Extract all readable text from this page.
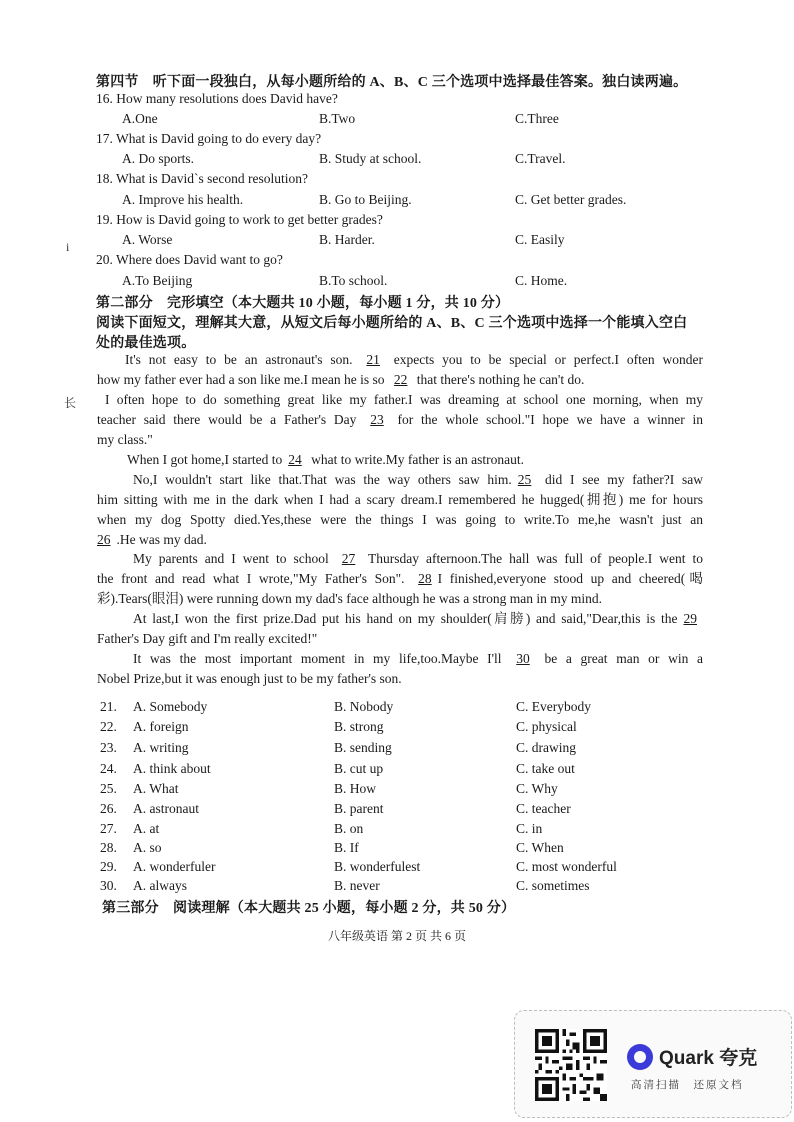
第四节　听下面一段独白，从每小题所给的 A、B、C 三个选项中选择最佳答案。独白读两遍。
16. How many resolutions does David have?
A.One	B.Two	C.Three
17. What is David going to do every day?
A. Do sports.	B. Study at school.	C.Travel.
18. What is David`s second resolution?
A. Improve his health.	B. Go to Beijing.	C. Get better grades.
19. How is David going to work to get better grades?
A. Worse	B. Harder.	C. Easily
20. Where does David want to go?
A.To Beijing	B.To school.	C. Home.
第二部分　完形填空（本大题共 10 小题，每小题 1 分，共 10 分）
阅读下面短文，理解其大意，从短文后每小题所给的 A、B、C 三个选项中选择一个能填入空白
处的最佳选项。
It's not easy to be an astronaut's son. 21 expects you to be special or perfect.I often wonder
how my father ever had a son like me.I mean he is so 22 that there's nothing he can't do.
I often hope to do something great like my father.I was dreaming at school one morning, when my
teacher said there would be a Father's Day 23 for the whole school."I hope we have a winner in
my class."
When I got home,I started to 24 what to write.My father is an astronaut.
No,I wouldn't start like that.That was the way others saw him. 25 did I see my father?I saw
him sitting with me in the dark when I had a scary dream.I remembered he hugged(拥抱) me for hours
when my dog Spotty died.Yes,these were the things I was going to write.To me,he wasn't just an
26 .He was my dad.
My parents and I went to school 27 Thursday afternoon.The hall was full of people.I went to
the front and read what I wrote,"My Father's Son". 28 I finished,everyone stood up and cheered(喝
彩).Tears(眼泪) were running down my dad's face although he was a strong man in my mind.
At last,I won the first prize.Dad put his hand on my shoulder(肩膀) and said,"Dear,this is the 29
Father's Day gift and I'm really excited!"
It was the most important moment in my life,too.Maybe I'll 30 be a great man or win a
Nobel Prize,but it was enough just to be my father's son.
21. A. Somebody	B. Nobody	C. Everybody
22. A. foreign	B. strong	C. physical
23. A. writing	B. sending	C. drawing
24. A. think about	B. cut up	C. take out
25. A. What	B. How	C. Why
26. A. astronaut	B. parent	C. teacher
27. A. at	B. on	C. in
28. A. so	B. If	C. When
29. A. wonderfuler	B. wonderfulest	C. most wonderful
30. A. always	B. never	C. sometimes
第三部分　阅读理解（本大题共 25 小题，每小题 2 分，共 50 分）
八年级英语 第 2 页 共 6 页
i
长
Quark 夸克
高清扫描　还原文档
